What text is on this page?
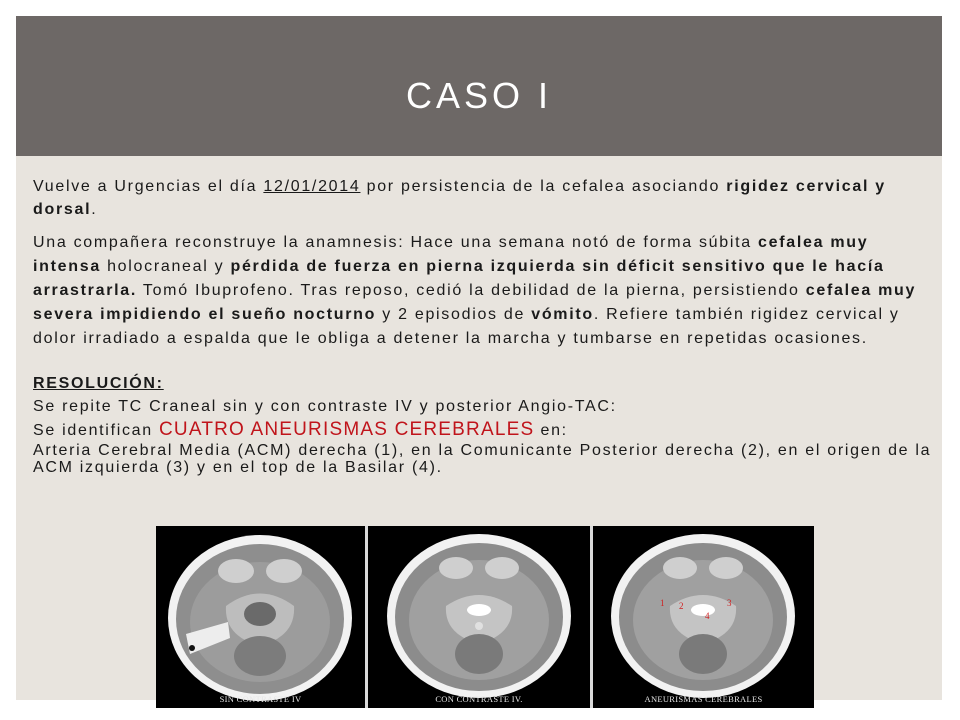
CASO I

Vuelve a Urgencias el día 12/01/2014 por persistencia de la cefalea asociando rigidez cervical y dorsal.

Una compañera reconstruye la anamnesis: Hace una semana notó de forma súbita cefalea muy intensa holocraneal y pérdida de fuerza en pierna izquierda sin déficit sensitivo que le hacía arrastrarla. Tomó Ibuprofeno. Tras reposo, cedió la debilidad de la pierna, persistiendo cefalea muy severa impidiendo el sueño nocturno y 2 episodios de vómito. Refiere también rigidez cervical y dolor irradiado a espalda que le obliga a detener la marcha y tumbarse en repetidas ocasiones.

RESOLUCIÓN:

Se repite TC Craneal sin y con contraste IV y posterior Angio-TAC:

Se identifican CUATRO ANEURISMAS CEREBRALES en:

Arteria Cerebral Media (ACM) derecha (1), en la Comunicante Posterior derecha (2), en el origen de la ACM izquierda (3) y en el top de la Basilar (4).

SIN CONTRASTE IV	CON CONTRASTE IV.	ANEURISMAS CEREBRALES
1 2	3
4
